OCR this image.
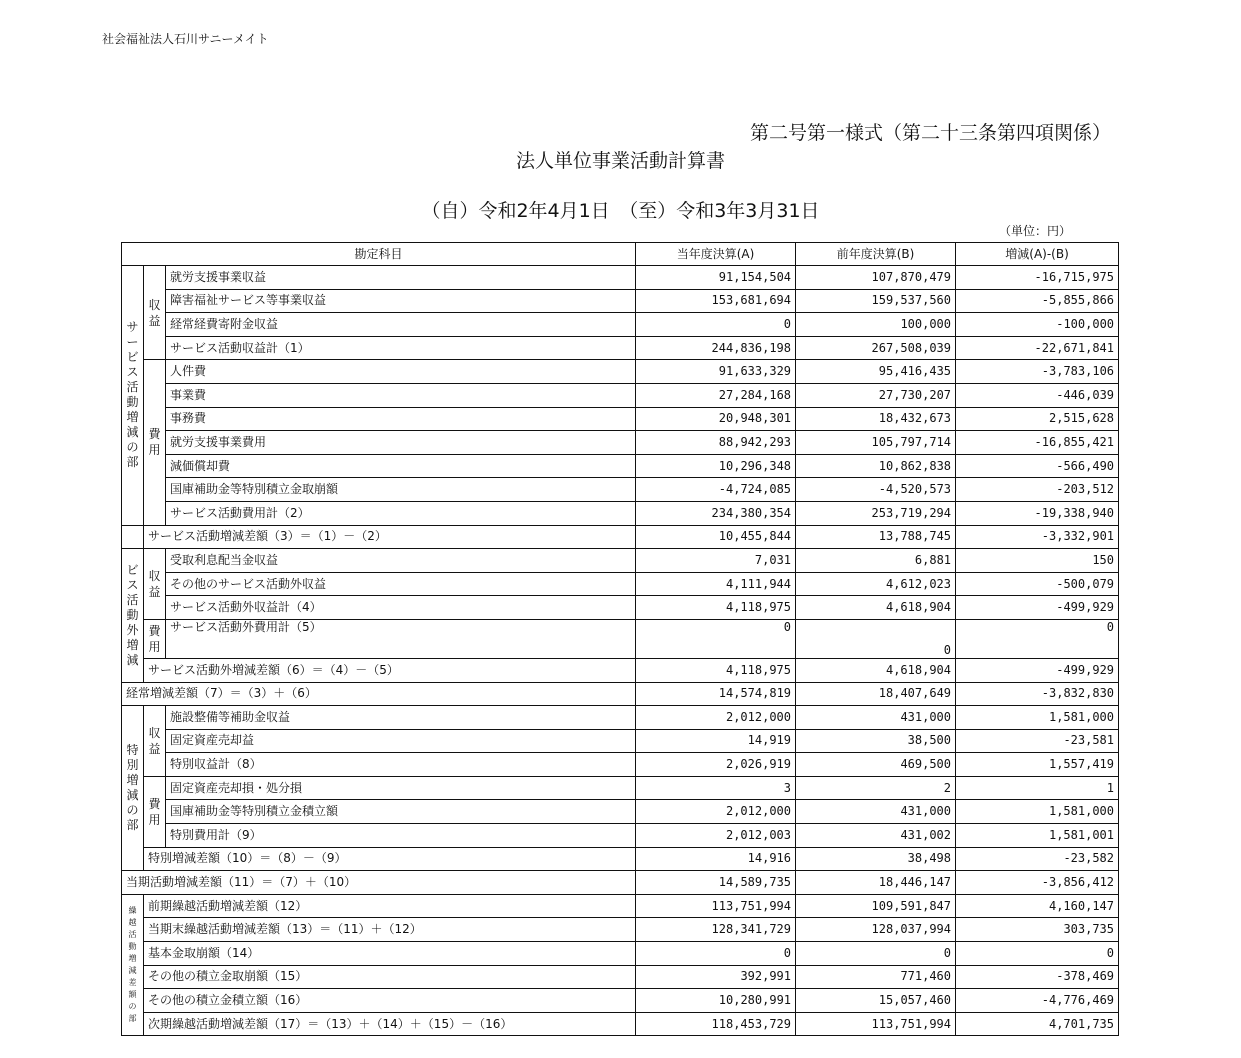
社会福祉法人石川サニーメイト
第二号第一様式（第二十三条第四項関係）
法人単位事業活動計算書
（自）令和2年4月1日　（至）令和3年3月31日
（単位：円）
勘定科目			当年度決算(A)	前年度決算(B)	増減(A)-(B)

サービス活動増減の部	収益	就労支援事業収益	91,154,504	107,870,479	-16,715,975
		障害福祉サービス等事業収益	153,681,694	159,537,560	-5,855,866
		経常経費寄附金収益	0	100,000	-100,000
		サービス活動収益計（1）	244,836,198	267,508,039	-22,671,841

	費用	人件費	91,633,329	95,416,435	-3,783,106
		事業費	27,284,168	27,730,207	-446,039
		事務費	20,948,301	18,432,673	2,515,628
		就労支援事業費用	88,942,293	105,797,714	-16,855,421
		減価償却費	10,296,348	10,862,838	-566,490
		国庫補助金等特別積立金取崩額	-4,724,085	-4,520,573	-203,512
		サービス活動費用計（2）	234,380,354	253,719,294	-19,338,940
	サービス活動増減差額（3）＝（1）－（2）		10,455,844	13,788,745	-3,332,901

ビス活動外増減	収益	受取利息配当金収益	7,031	6,881	150
		その他のサービス活動外収益	4,111,944	4,612,023	-500,079
		サービス活動外収益計（4）	4,118,975	4,618,904	-499,929

	費用	サービス活動外費用計（5）	0	0	0
	サービス活動外増減差額（6）＝（4）－（5）		4,118,975	4,618,904	-499,929
経常増減差額（7）＝（3）＋（6）			14,574,819	18,407,649	-3,832,830

特別増減の部	収益	施設整備等補助金収益	2,012,000	431,000	1,581,000
		固定資産売却益	14,919	38,500	-23,581
		特別収益計（8）	2,026,919	469,500	1,557,419

	費用	固定資産売却損・処分損	3	2	1
		国庫補助金等特別積立金積立額	2,012,000	431,000	1,581,000
		特別費用計（9）	2,012,003	431,002	1,581,001
	特別増減差額（10）＝（8）－（9）		14,916	38,498	-23,582
当期活動増減差額（11）＝（7）＋（10）			14,589,735	18,446,147	-3,856,412

繰越活動増減差額の部	前期繰越活動増減差額（12）		113,751,994	109,591,847	4,160,147
	当期末繰越活動増減差額（13）＝（11）＋（12）		128,341,729	128,037,994	303,735
	基本金取崩額（14）		0	0	0
	その他の積立金取崩額（15）		392,991	771,460	-378,469
	その他の積立金積立額（16）		10,280,991	15,057,460	-4,776,469
	次期繰越活動増減差額（17）＝（13）＋（14）＋（15）－（16）		118,453,729	113,751,994	4,701,735
